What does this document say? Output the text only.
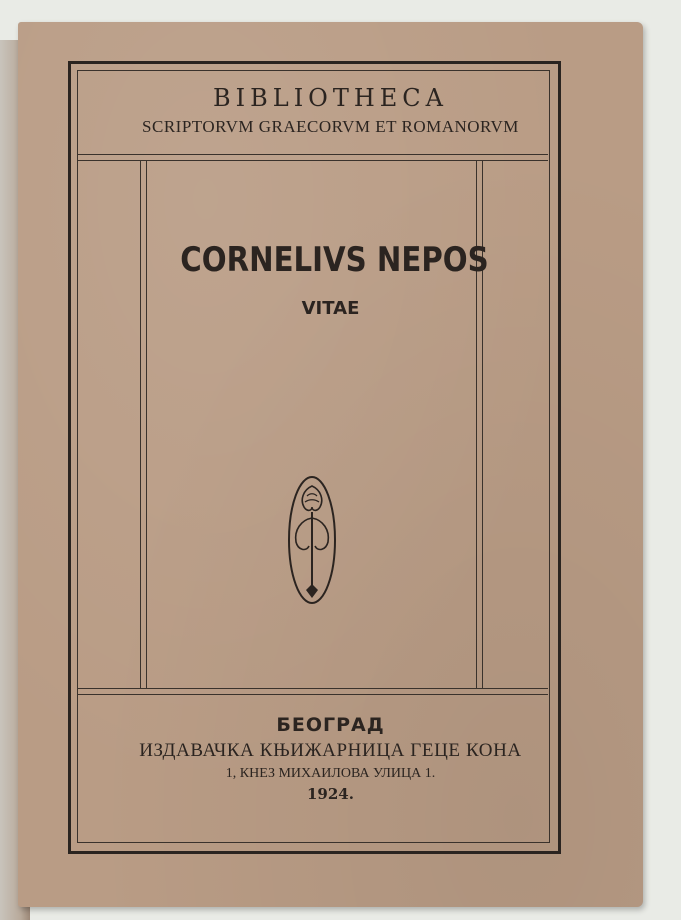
BIBLIOTHECA
SCRIPTORVM GRAECORVM ET ROMANORVM
CORNELIVS NEPOS
VITAE
БЕОГРАД
ИЗДАВАЧКА КЊИЖАРНИЦА ГЕЦЕ КОНА
1, КНЕЗ МИХАИЛОВА УЛИЦА 1.
1924.
